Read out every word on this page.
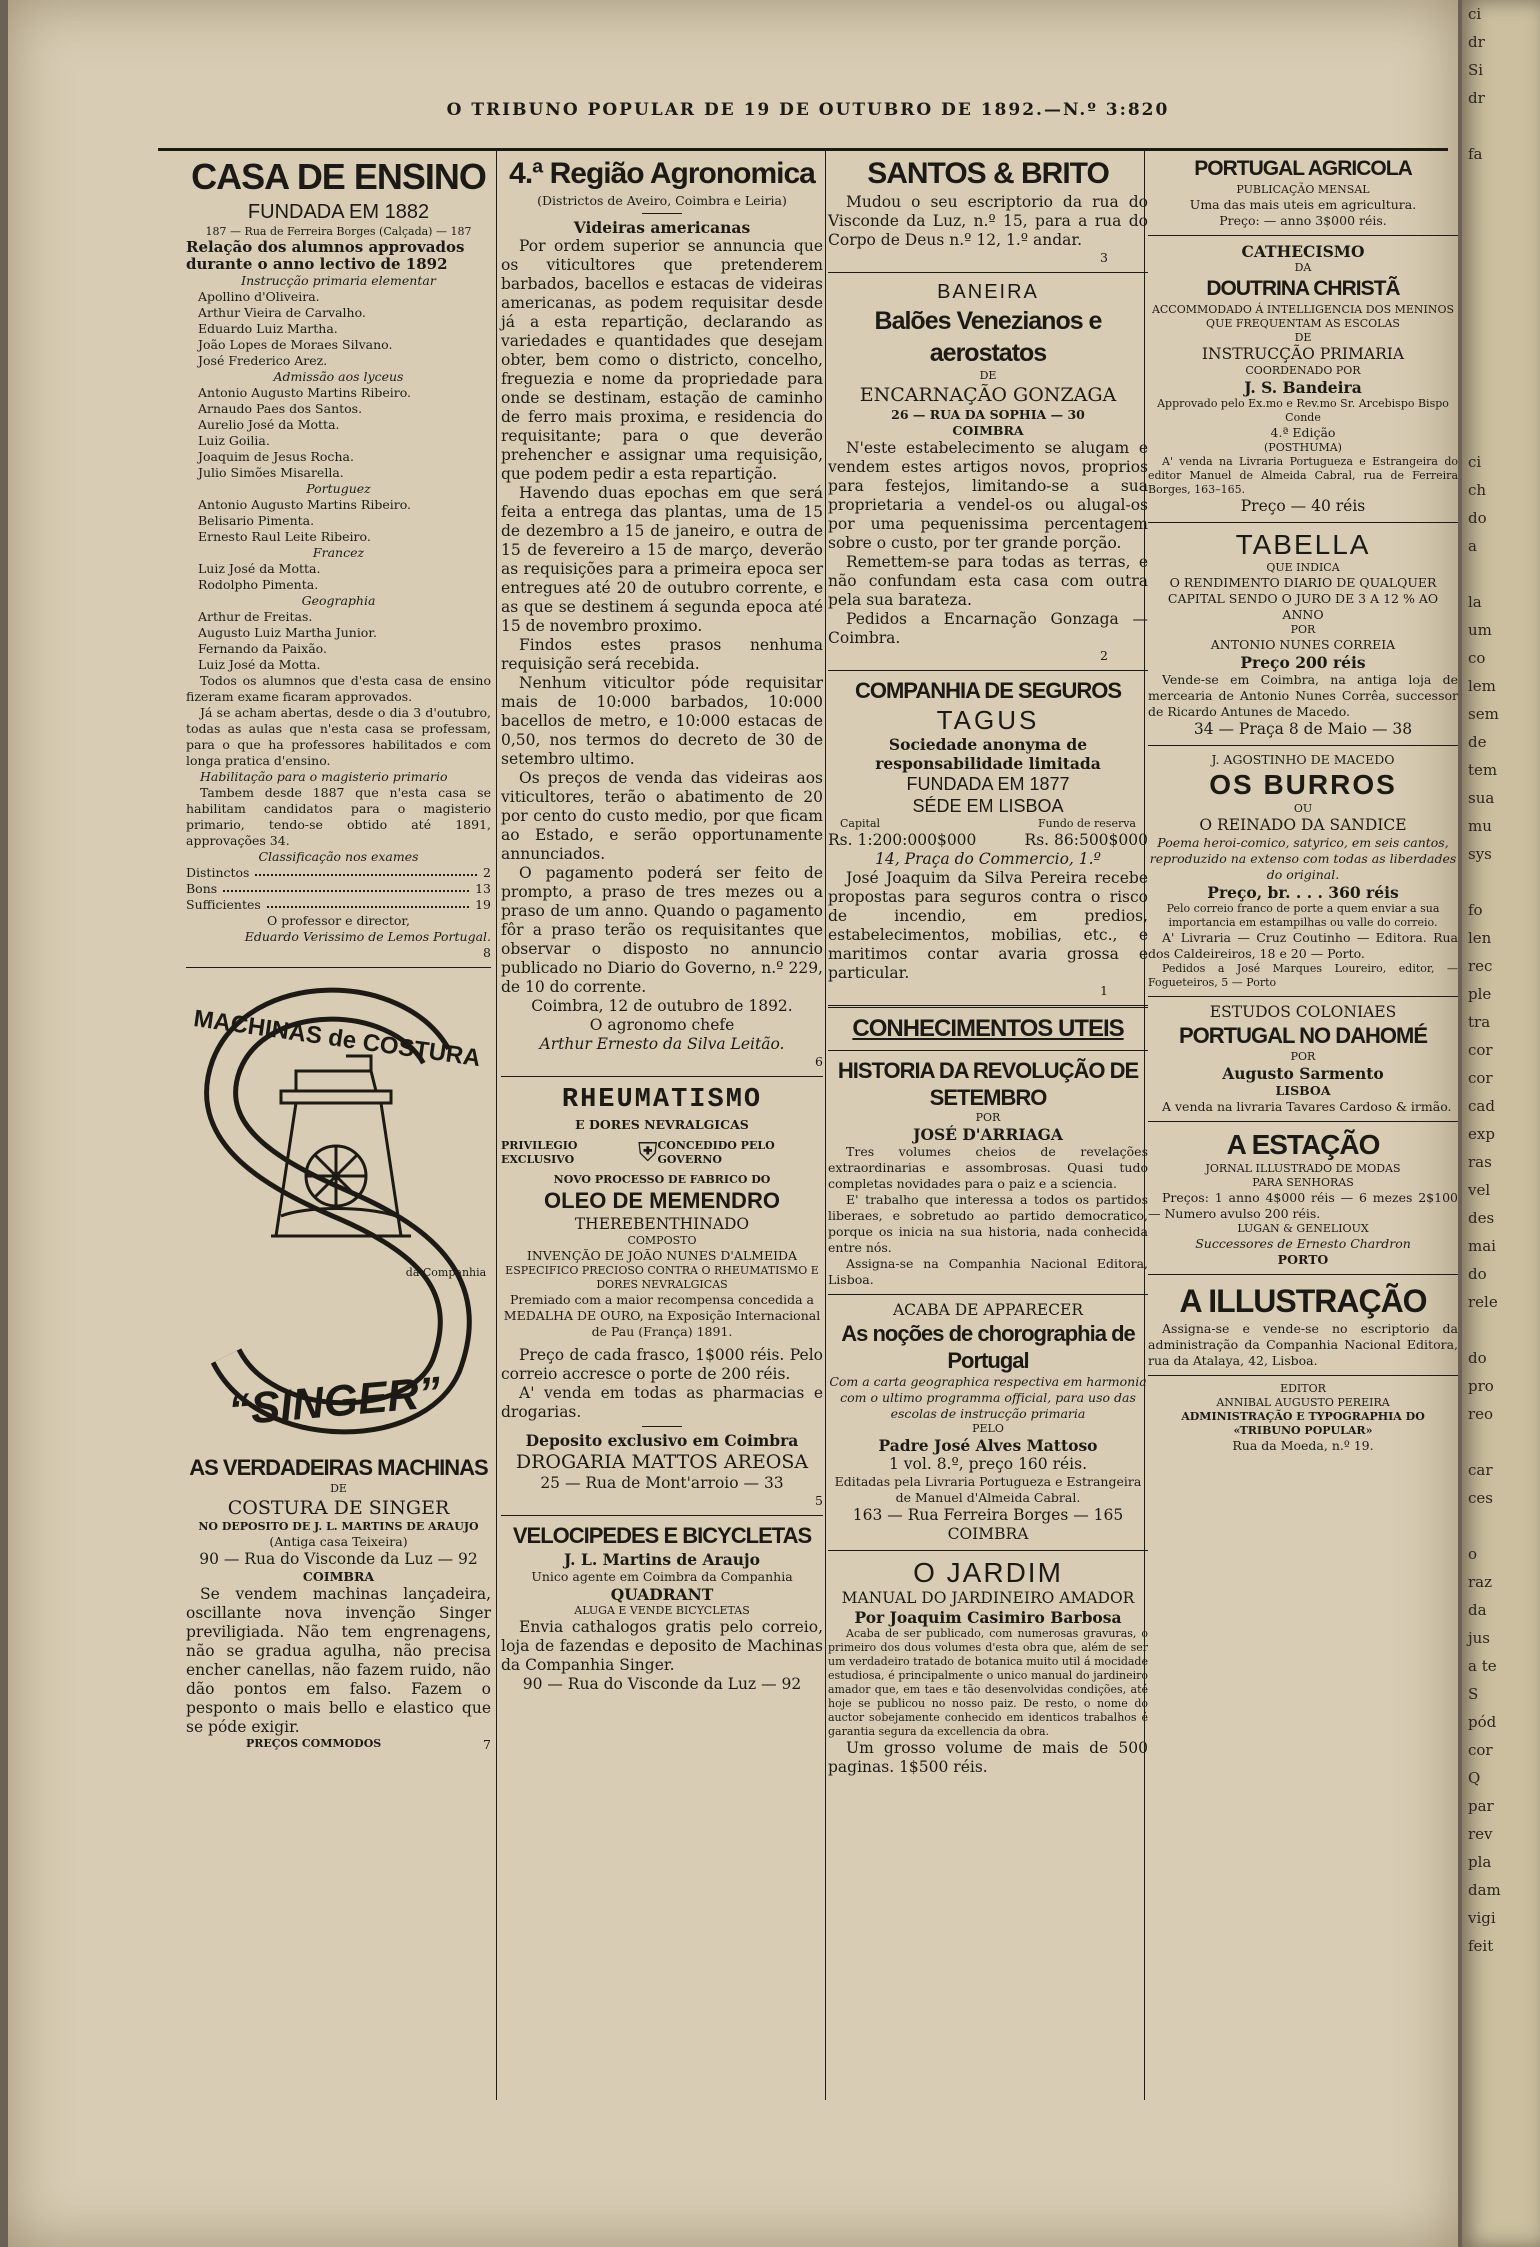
O TRIBUNO POPULAR DE 19 DE OUTUBRO DE 1892.—N.º 3:820

CASA DE ENSINO

FUNDADA EM 1882

187 — Rua de Ferreira Borges (Calçada) — 187

Relação dos alumnos approvados durante o anno lectivo de 1892

Instrucção primaria elementar

Apollino d'Oliveira.

Arthur Vieira de Carvalho.

Eduardo Luiz Martha.

João Lopes de Moraes Silvano.

José Frederico Arez.

Admissão aos lyceus

Antonio Augusto Martins Ribeiro.

Arnaudo Paes dos Santos.

Aurelio José da Motta.

Luiz Goilia.

Joaquim de Jesus Rocha.

Julio Simões Misarella.

Portuguez

Antonio Augusto Martins Ribeiro.

Belisario Pimenta.

Ernesto Raul Leite Ribeiro.

Francez

Luiz José da Motta.

Rodolpho Pimenta.

Geographia

Arthur de Freitas.

Augusto Luiz Martha Junior.

Fernando da Paixão.

Luiz José da Motta.

Todos os alumnos que d'esta casa de ensino fizeram exame ficaram approvados.

Já se acham abertas, desde o dia 3 d'outubro, todas as aulas que n'esta casa se professam, para o que ha professores habilitados e com longa pratica d'ensino.

Habilitação para o magisterio primario

Tambem desde 1887 que n'esta casa se habilitam candidatos para o magisterio primario, tendo-se obtido até 1891, approvações 34.

Classificação nos exames

Distinctos	2
Bons	13
Sufficientes	19

O professor e director,

Eduardo Verissimo de Lemos Portugal.

8

MACHINAS de COSTURA
da Companhia
“SINGER”

AS VERDADEIRAS MACHINAS

DE

COSTURA DE SINGER

NO DEPOSITO DE J. L. MARTINS DE ARAUJO

(Antiga casa Teixeira)

90 — Rua do Visconde da Luz — 92

COIMBRA

Se vendem machinas lançadeira, oscillante nova invenção Singer previligiada. Não tem engrenagens, não se gradua agulha, não precisa encher canellas, não fazem ruido, não dão pontos em falso. Fazem o pesponto o mais bello e elastico que se póde exigir.

PREÇOS COMMODOS	7

4.ª Região Agronomica

(Districtos de Aveiro, Coimbra e Leiria)

Videiras americanas

Por ordem superior se annuncia que os viticultores que pretenderem barbados, bacellos e estacas de videiras americanas, as podem requisitar desde já a esta repartição, declarando as variedades e quantidades que desejam obter, bem como o districto, concelho, freguezia e nome da propriedade para onde se destinam, estação de caminho de ferro mais proxima, e residencia do requisitante; para o que deverão prehencher e assignar uma requisição, que podem pedir a esta repartição.

Havendo duas epochas em que será feita a entrega das plantas, uma de 15 de dezembro a 15 de janeiro, e outra de 15 de fevereiro a 15 de março, deverão as requisições para a primeira epoca ser entregues até 20 de outubro corrente, e as que se destinem á segunda epoca até 15 de novembro proximo.

Findos estes prasos nenhuma requisição será recebida.

Nenhum viticultor póde requisitar mais de 10:000 barbados, 10:000 bacellos de metro, e 10:000 estacas de 0,50, nos termos do decreto de 30 de setembro ultimo.

Os preços de venda das videiras aos viticultores, terão o abatimento de 20 por cento do custo medio, por que ficam ao Estado, e serão opportunamente annunciados.

O pagamento poderá ser feito de prompto, a praso de tres mezes ou a praso de um anno. Quando o pagamento fôr a praso terão os requisitantes que observar o disposto no annuncio publicado no Diario do Governo, n.º 229, de 10 do corrente.

Coimbra, 12 de outubro de 1892.

O agronomo chefe

Arthur Ernesto da Silva Leitão.

6

RHEUMATISMO

E DORES NEVRALGICAS

PRIVILEGIO EXCLUSIVO	⛨ CONCEDIDO PELO GOVERNO

NOVO PROCESSO DE FABRICO DO

OLEO DE MEMENDRO

THEREBENTHINADO

COMPOSTO

INVENÇÃO DE JOÃO NUNES D'ALMEIDA

ESPECIFICO PRECIOSO CONTRA O RHEUMATISMO E DORES NEVRALGICAS

Premiado com a maior recompensa concedida a MEDALHA DE OURO, na Exposição Internacional de Pau (França) 1891.

Preço de cada frasco, 1$000 réis. Pelo correio accresce o porte de 200 réis.

A' venda em todas as pharmacias e drogarias.

Deposito exclusivo em Coimbra

DROGARIA MATTOS AREOSA

25 — Rua de Mont'arroio — 33

5

VELOCIPEDES E BICYCLETAS

J. L. Martins de Araujo

Unico agente em Coimbra da Companhia

QUADRANT

ALUGA E VENDE BICYCLETAS

Envia cathalogos gratis pelo correio, loja de fazendas e deposito de Machinas da Companhia Singer.

90 — Rua do Visconde da Luz — 92

SANTOS & BRITO

Mudou o seu escriptorio da rua do Visconde da Luz, n.º 15, para a rua do Corpo de Deus n.º 12, 1.º andar.

3

BANEIRA

Balões Venezianos e aerostatos

DE

ENCARNAÇÃO GONZAGA

26 — RUA DA SOPHIA — 30

COIMBRA

N'este estabelecimento se alugam e vendem estes artigos novos, proprios para festejos, limitando-se a sua proprietaria a vendel-os ou alugal-os por uma pequenissima percentagem sobre o custo, por ter grande porção.

Remettem-se para todas as terras, e não confundam esta casa com outra pela sua barateza.

Pedidos a Encarnação Gonzaga — Coimbra.

2

COMPANHIA DE SEGUROS

TAGUS

Sociedade anonyma de responsabilidade limitada

FUNDADA EM 1877

SÉDE EM LISBOA

Capital	Fundo de reserva
Rs. 1:200:000$000	Rs. 86:500$000

14, Praça do Commercio, 1.º

José Joaquim da Silva Pereira recebe propostas para seguros contra o risco de incendio, em predios, estabelecimentos, mobilias, etc., e maritimos contar avaria grossa e particular.

1

CONHECIMENTOS UTEIS

HISTORIA DA REVOLUÇÃO DE SETEMBRO

POR

JOSÉ D'ARRIAGA

Tres volumes cheios de revelações extraordinarias e assombrosas. Quasi tudo completas novidades para o paiz e a sciencia.

E' trabalho que interessa a todos os partidos liberaes, e sobretudo ao partido democratico, porque os inicia na sua historia, nada conhecida entre nós.

Assigna-se na Companhia Nacional Editora, Lisboa.

ACABA DE APPARECER

As noções de chorographia de Portugal

Com a carta geographica respectiva em harmonia com o ultimo programma official, para uso das escolas de instrucção primaria

PELO

Padre José Alves Mattoso

1 vol. 8.º, preço 160 réis.

Editadas pela Livraria Portugueza e Estrangeira de Manuel d'Almeida Cabral.

163 — Rua Ferreira Borges — 165

COIMBRA

O JARDIM

MANUAL DO JARDINEIRO AMADOR

Por Joaquim Casimiro Barbosa

Acaba de ser publicado, com numerosas gravuras, o primeiro dos dous volumes d'esta obra que, além de ser um verdadeiro tratado de botanica muito util á mocidade estudiosa, é principalmente o unico manual do jardineiro amador que, em taes e tão desenvolvidas condições, até hoje se publicou no nosso paiz. De resto, o nome do auctor sobejamente conhecido em identicos trabalhos é garantia segura da excellencia da obra.

Um grosso volume de mais de 500 paginas. 1$500 réis.

PORTUGAL AGRICOLA

PUBLICAÇÃO MENSAL

Uma das mais uteis em agricultura.

Preço: — anno 3$000 réis.

CATHECISMO

DA

DOUTRINA CHRISTÃ

ACCOMMODADO Á INTELLIGENCIA DOS MENINOS QUE FREQUENTAM AS ESCOLAS

DE

INSTRUCÇÃO PRIMARIA

COORDENADO POR

J. S. Bandeira

Approvado pelo Ex.mo e Rev.mo Sr. Arcebispo Bispo Conde

4.ª Edição

(POSTHUMA)

A' venda na Livraria Portugueza e Estrangeira do editor Manuel de Almeida Cabral, rua de Ferreira Borges, 163–165.

Preço — 40 réis

TABELLA

QUE INDICA

O RENDIMENTO DIARIO DE QUALQUER CAPITAL SENDO O JURO DE 3 A 12 % AO ANNO

POR

ANTONIO NUNES CORREIA

Preço 200 réis

Vende-se em Coimbra, na antiga loja de mercearia de Antonio Nunes Corrêa, successor de Ricardo Antunes de Macedo.

34 — Praça 8 de Maio — 38

J. AGOSTINHO DE MACEDO

OS BURROS

OU

O REINADO DA SANDICE

Poema heroi-comico, satyrico, em seis cantos, reproduzido na extenso com todas as liberdades do original.

Preço, br. . . . 360 réis

Pelo correio franco de porte a quem enviar a sua importancia em estampilhas ou valle do correio.

A' Livraria — Cruz Coutinho — Editora. Rua dos Caldeireiros, 18 e 20 — Porto.

Pedidos a José Marques Loureiro, editor, — Fogueteiros, 5 — Porto

ESTUDOS COLONIAES

PORTUGAL NO DAHOMÉ

POR

Augusto Sarmento

LISBOA

A venda na livraria Tavares Cardoso & irmão.

A ESTAÇÃO

JORNAL ILLUSTRADO DE MODAS

PARA SENHORAS

Preços: 1 anno 4$000 réis — 6 mezes 2$100 — Numero avulso 200 réis.

LUGAN & GENELIOUX

Successores de Ernesto Chardron

PORTO

A ILLUSTRAÇÃO

Assigna-se e vende-se no escriptorio da administração da Companhia Nacional Editora, rua da Atalaya, 42, Lisboa.

EDITOR

ANNIBAL AUGUSTO PEREIRA

ADMINISTRAÇÃO E TYPOGRAPHIA DO «TRIBUNO POPULAR»

Rua da Moeda, n.º 19.

ci
dr
Si
dr

fa

ci
ch
do
a

la
um
co
lem
sem
de
tem
sua
mu
sys

fo
len
rec
ple
tra
cor
cor
cad
exp
ras
vel
des
mai
do
rele

do
pro
reo

car
ces

o
raz
da
jus
a te
S
pód
cor
Q
par
rev
pla
dam
vigi
feit
